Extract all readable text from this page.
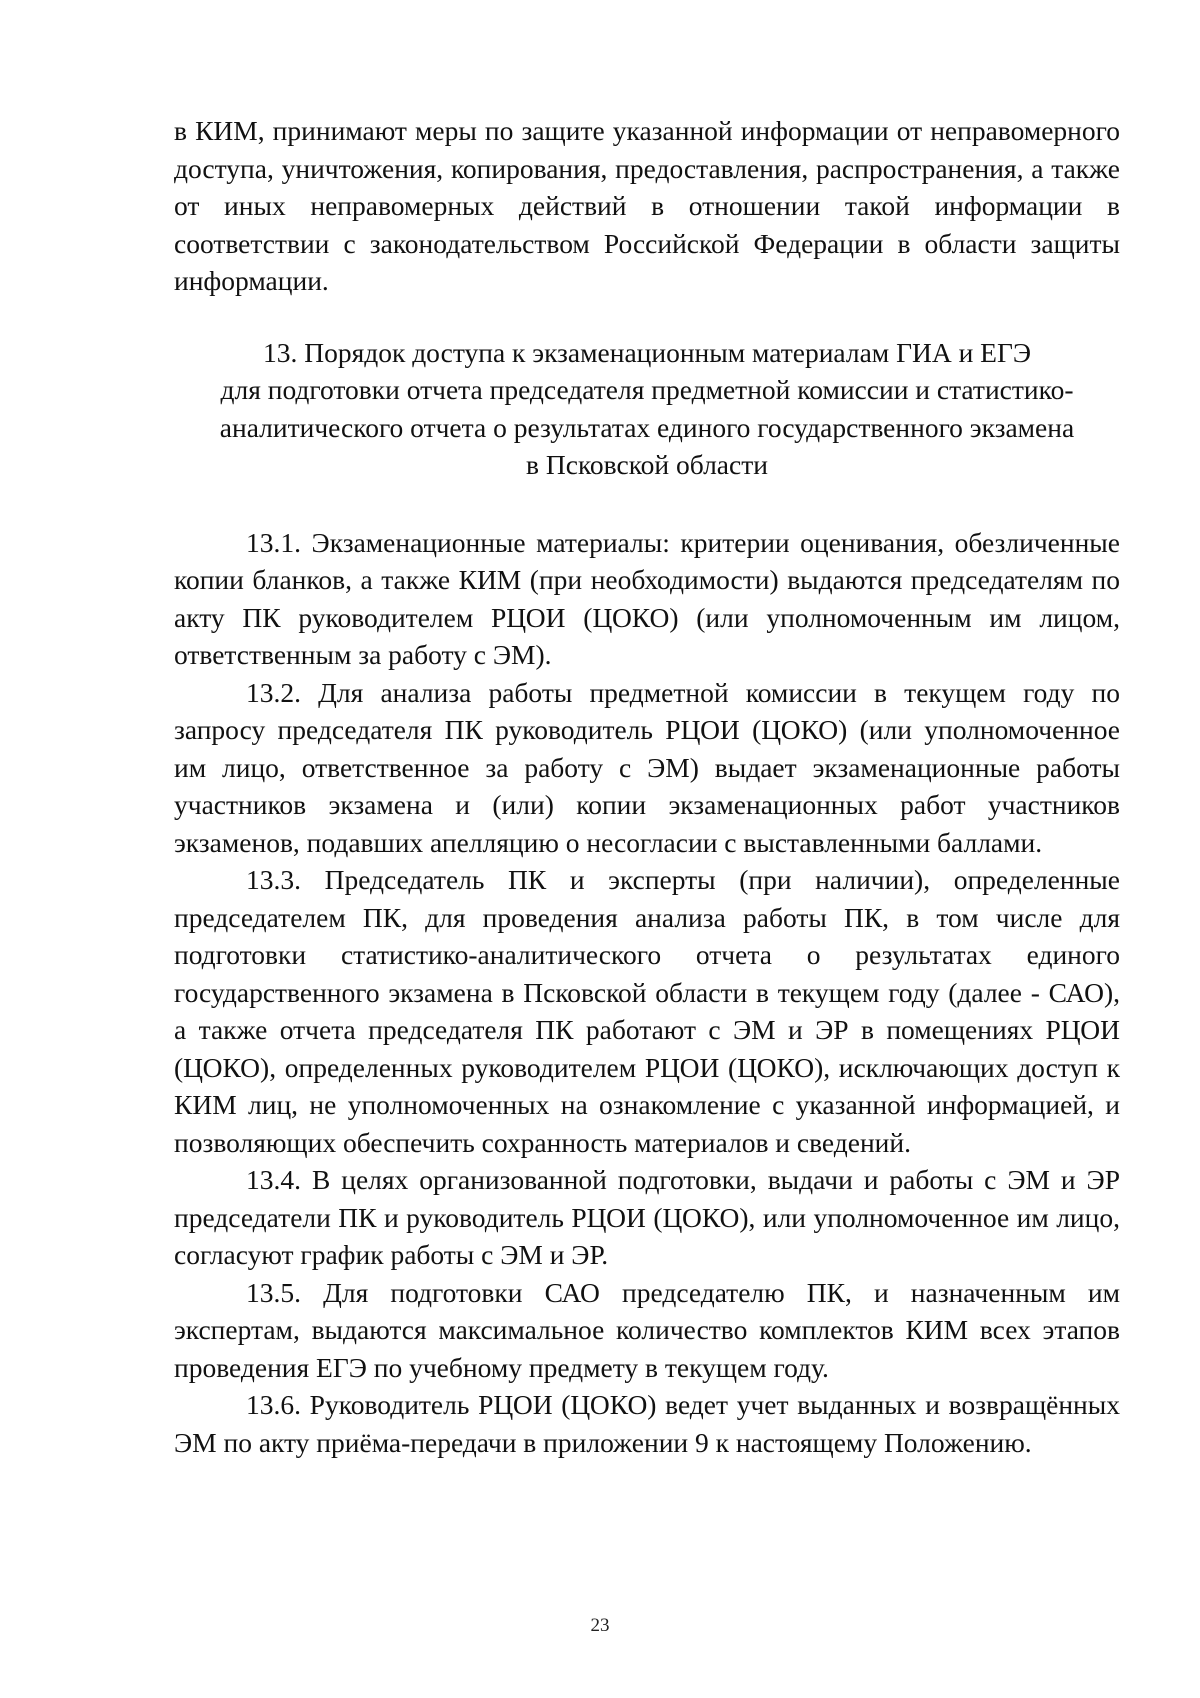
в КИМ, принимают меры по защите указанной информации от неправомерного доступа, уничтожения, копирования, предоставления, распространения, а также от иных неправомерных действий в отношении такой информации в соответствии с законодательством Российской Федерации в области защиты информации.

13. Порядок доступа к экзаменационным материалам ГИА и ЕГЭ
для подготовки отчета председателя предметной комиссии и статистико-
аналитического отчета о результатах единого государственного экзамена
в Псковской области

13.1. Экзаменационные материалы: критерии оценивания, обезличенные копии бланков, а также КИМ (при необходимости) выдаются председателям по акту ПК руководителем РЦОИ (ЦОКО) (или уполномоченным им лицом, ответственным за работу с ЭМ).

13.2. Для анализа работы предметной комиссии в текущем году по запросу председателя ПК руководитель РЦОИ (ЦОКО) (или уполномоченное им лицо, ответственное за работу с ЭМ) выдает экзаменационные работы участников экзамена и (или) копии экзаменационных работ участников экзаменов, подавших апелляцию о несогласии с выставленными баллами.

13.3. Председатель ПК и эксперты (при наличии), определенные председателем ПК, для проведения анализа работы ПК, в том числе для подготовки статистико-аналитического отчета о результатах единого государственного экзамена в Псковской области в текущем году (далее - САО), а также отчета председателя ПК работают с ЭМ и ЭР в помещениях РЦОИ (ЦОКО), определенных руководителем РЦОИ (ЦОКО), исключающих доступ к КИМ лиц, не уполномоченных на ознакомление с указанной информацией, и позволяющих обеспечить сохранность материалов и сведений.

13.4. В целях организованной подготовки, выдачи и работы с ЭМ и ЭР председатели ПК и руководитель РЦОИ (ЦОКО), или уполномоченное им лицо, согласуют график работы с ЭМ и ЭР.

13.5. Для подготовки САО председателю ПК, и назначенным им экспертам, выдаются максимальное количество комплектов КИМ всех этапов проведения ЕГЭ по учебному предмету в текущем году.

13.6. Руководитель РЦОИ (ЦОКО) ведет учет выданных и возвращённых ЭМ по акту приёма-передачи в приложении 9 к настоящему Положению.

23
